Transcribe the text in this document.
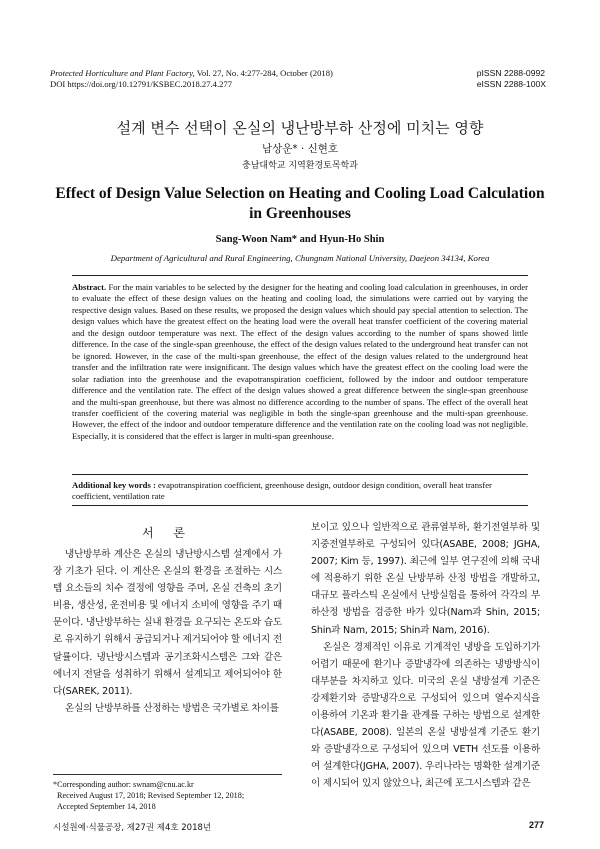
Protected Horticulture and Plant Factory, Vol. 27, No. 4:277-284, October (2018)
DOI https://doi.org/10.12791/KSBEC.2018.27.4.277
pISSN 2288-0992
eISSN 2288-100X
설계 변수 선택이 온실의 냉난방부하 산정에 미치는 영향
남상운* · 신현호
충남대학교 지역환경토목학과
Effect of Design Value Selection on Heating and Cooling Load Calculation
in Greenhouses
Sang-Woon Nam* and Hyun-Ho Shin
Department of Agricultural and Rural Engineering, Chungnam National University, Daejeon 34134, Korea
Abstract. For the main variables to be selected by the designer for the heating and cooling load calculation in greenhouses, in order to evaluate the effect of these design values on the heating and cooling load, the simulations were carried out by varying the respective design values. Based on these results, we proposed the design values which should pay special attention to selection. The design values which have the greatest effect on the heating load were the overall heat transfer coefficient of the covering material and the design outdoor temperature was next. The effect of the design values according to the number of spans showed little difference. In the case of the single-span greenhouse, the effect of the design values related to the underground heat transfer can not be ignored. However, in the case of the multi-span greenhouse, the effect of the design values related to the underground heat transfer and the infiltration rate were insignificant. The design values which have the greatest effect on the cooling load were the solar radiation into the greenhouse and the evapotranspiration coefficient, followed by the indoor and outdoor temperature difference and the ventilation rate. The effect of the design values showed a great difference between the single-span greenhouse and the multi-span greenhouse, but there was almost no difference according to the number of spans. The effect of the overall heat transfer coefficient of the covering material was negligible in both the single-span greenhouse and the multi-span greenhouse. However, the effect of the indoor and outdoor temperature difference and the ventilation rate on the cooling load was not negligible. Especially, it is considered that the effect is larger in multi-span greenhouse.
Additional key words : evapotranspiration coefficient, greenhouse design, outdoor design condition, overall heat transfer coefficient, ventilation rate
서 론

냉난방부하 계산은 온실의 냉난방시스템 설계에서 가장 기초가 된다. 이 계산은 온실의 환경을 조절하는 시스템 요소들의 치수 결정에 영향을 주며, 온실 건축의 초기비용, 생산성, 운전비용 및 에너지 소비에 영향을 주기 때문이다. 냉난방부하는 실내 환경을 요구되는 온도와 습도로 유지하기 위해서 공급되거나 제거되어야 할 에너지 전달률이다. 냉난방시스템과 공기조화시스템은 그와 같은 에너지 전달을 성취하기 위해서 설계되고 제어되어야 한다(SAREK, 2011).

온실의 난방부하를 산정하는 방법은 국가별로 차이를

보이고 있으나 일반적으로 관류열부하, 환기전열부하 및 지중전열부하로 구성되어 있다(ASABE, 2008; JGHA, 2007; Kim 등, 1997). 최근에 일부 연구진에 의해 국내에 적용하기 위한 온실 난방부하 산정 방법을 개발하고, 대규모 플라스틱 온실에서 난방실험을 통하여 각각의 부하산정 방법을 검증한 바가 있다(Nam과 Shin, 2015; Shin과 Nam, 2015; Shin과 Nam, 2016).

온실은 경제적인 이유로 기계적인 냉방을 도입하기가 어렵기 때문에 환기나 증발냉각에 의존하는 냉방방식이 대부분을 차지하고 있다. 미국의 온실 냉방설계 기준은 강제환기와 증발냉각으로 구성되어 있으며 열수지식을 이용하여 기온과 환기율 관계를 구하는 방법으로 설계한다(ASABE, 2008). 일본의 온실 냉방설계 기준도 환기와 증발냉각으로 구성되어 있으며 VETH 선도를 이용하여 설계한다(JGHA, 2007). 우리나라는 명확한 설계기준이 제시되어 있지 않았으나, 최근에 포그시스템과 같은

*Corresponding author: swnam@cnu.ac.kr
Received August 17, 2018; Revised September 12, 2018;
Accepted September 14, 2018
시설원예·식물공장, 제27권 제4호 2018년	277
